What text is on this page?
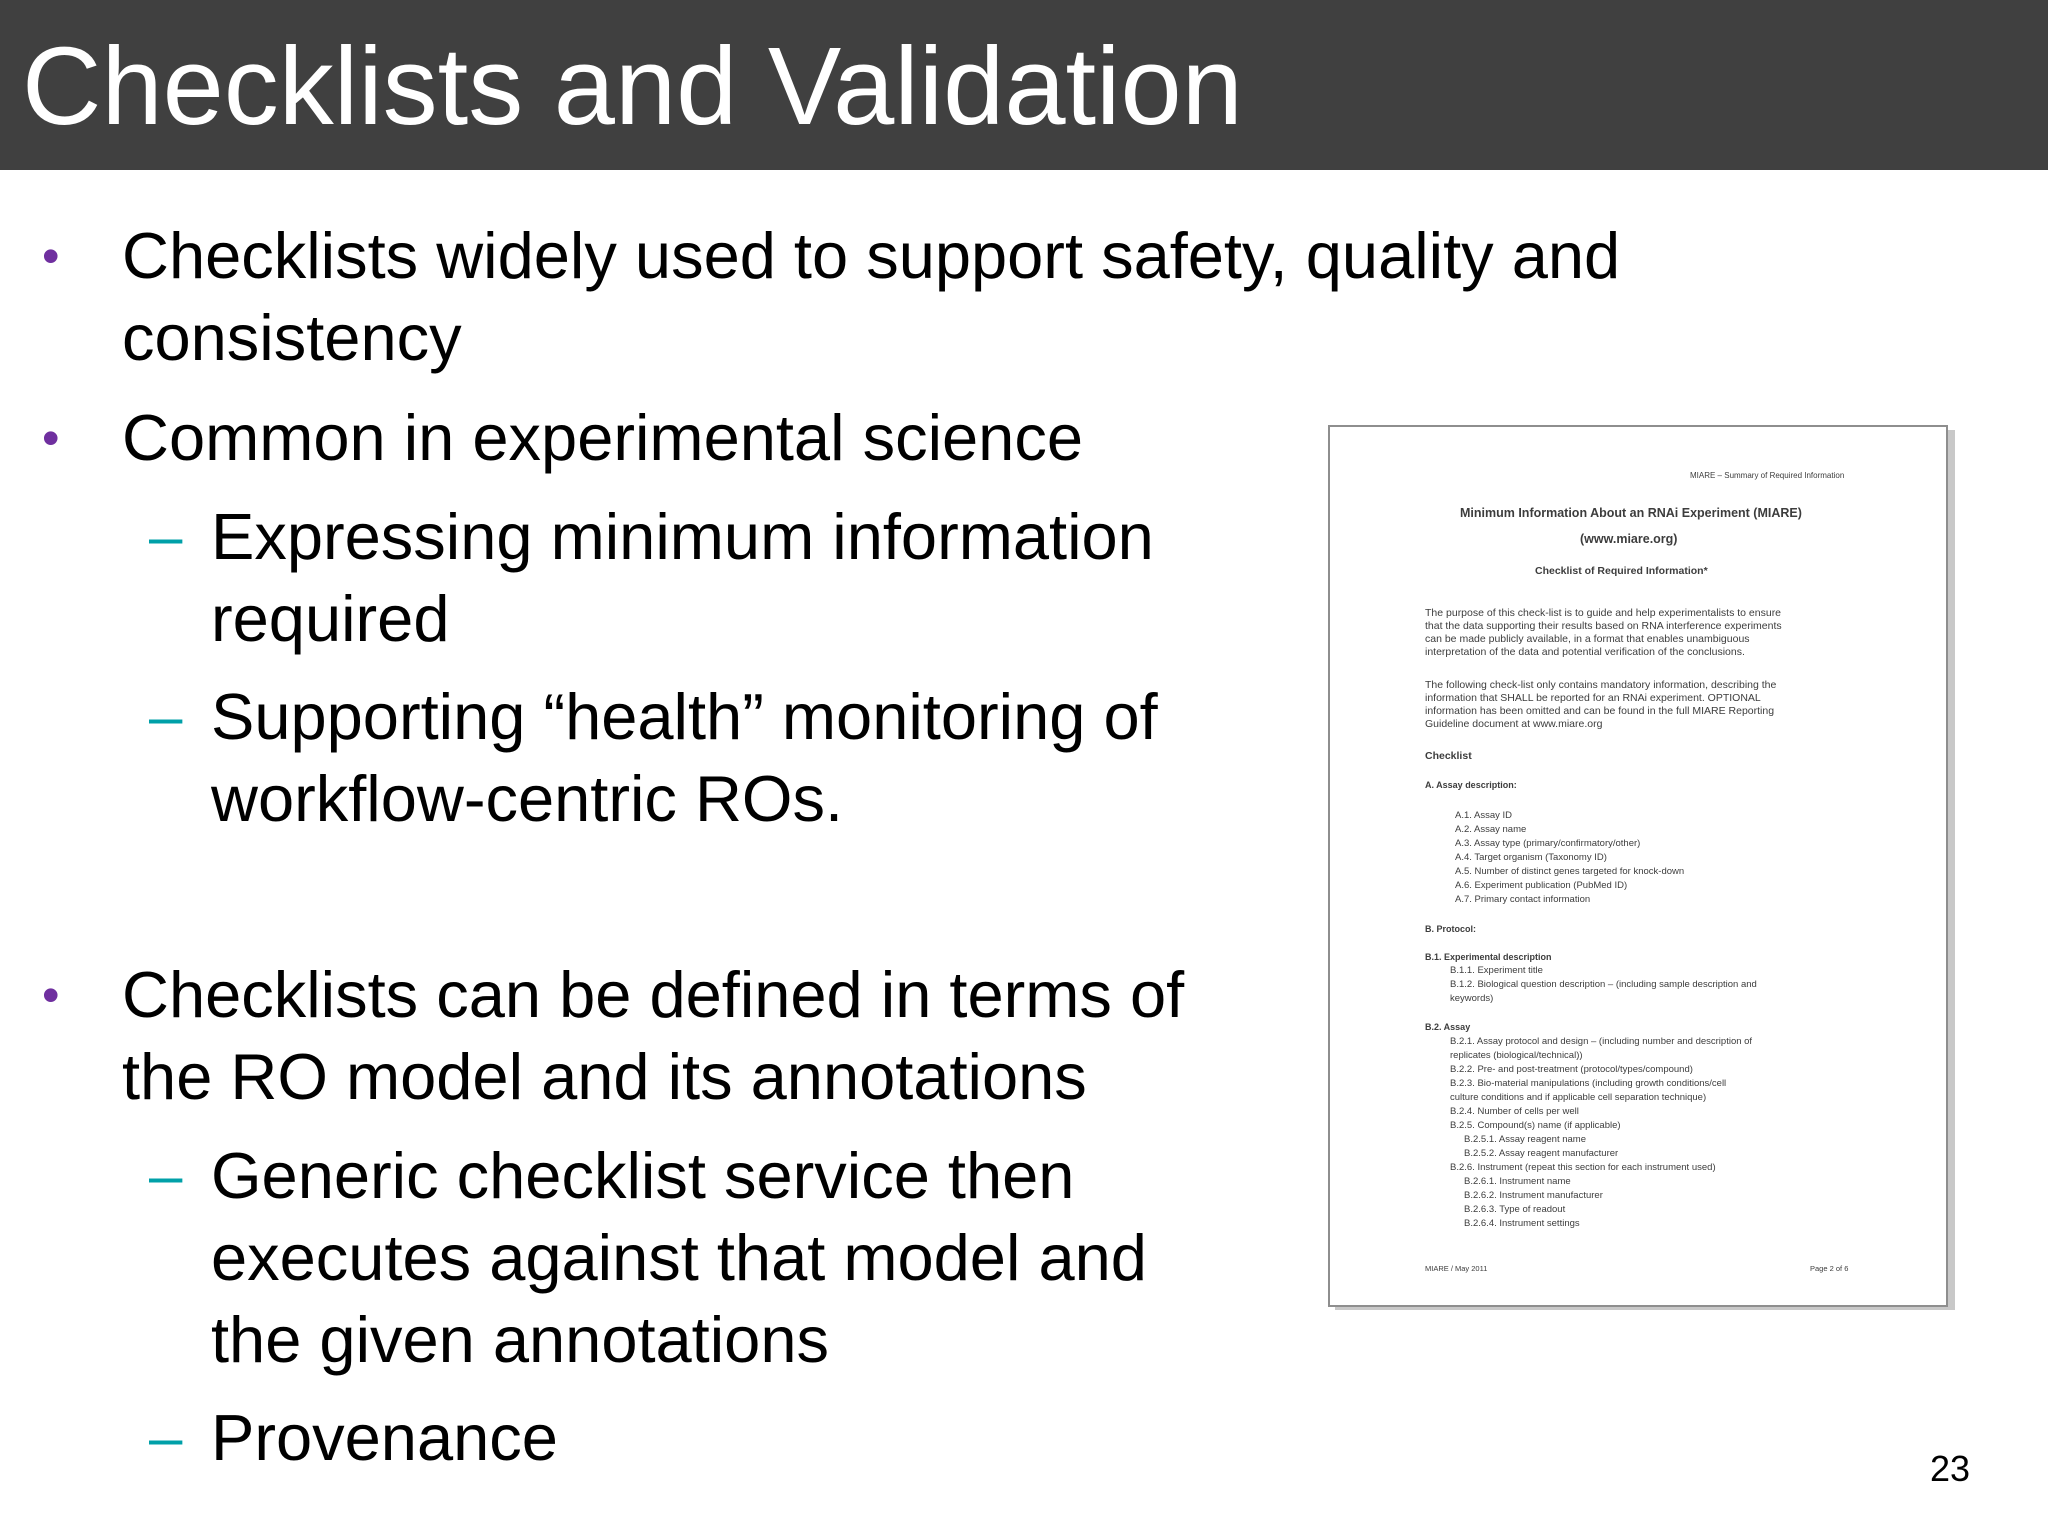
Checklists and Validation
• Checklists widely used to support safety, quality and
consistency
• Common in experimental science
– Expressing minimum information
required
– Supporting “health” monitoring of
workflow-centric ROs.
• Checklists can be defined in terms of
the RO model and its annotations
– Generic checklist service then
executes against that model and
the given annotations
– Provenance
MIARE – Summary of Required Information
Minimum Information About an RNAi Experiment (MIARE)
(www.miare.org)
Checklist of Required Information*
The purpose of this check-list is to guide and help experimentalists to ensure
that the data supporting their results based on RNA interference experiments
can be made publicly available, in a format that enables unambiguous
interpretation of the data and potential verification of the conclusions.
The following check-list only contains mandatory information, describing the
information that SHALL be reported for an RNAi experiment. OPTIONAL
information has been omitted and can be found in the full MIARE Reporting
Guideline document at www.miare.org
Checklist
A. Assay description:
A.1. Assay ID
A.2. Assay name
A.3. Assay type (primary/confirmatory/other)
A.4. Target organism (Taxonomy ID)
A.5. Number of distinct genes targeted for knock-down
A.6. Experiment publication (PubMed ID)
A.7. Primary contact information
B. Protocol:
B.1. Experimental description
B.1.1. Experiment title
B.1.2. Biological question description – (including sample description and
keywords)
B.2. Assay
B.2.1. Assay protocol and design – (including number and description of
replicates (biological/technical))
B.2.2. Pre- and post-treatment (protocol/types/compound)
B.2.3. Bio-material manipulations (including growth conditions/cell
culture conditions and if applicable cell separation technique)
B.2.4. Number of cells per well
B.2.5. Compound(s) name (if applicable)
B.2.5.1. Assay reagent name
B.2.5.2. Assay reagent manufacturer
B.2.6. Instrument (repeat this section for each instrument used)
B.2.6.1. Instrument name
B.2.6.2. Instrument manufacturer
B.2.6.3. Type of readout
B.2.6.4. Instrument settings
MIARE / May 2011	Page 2 of 6
23
